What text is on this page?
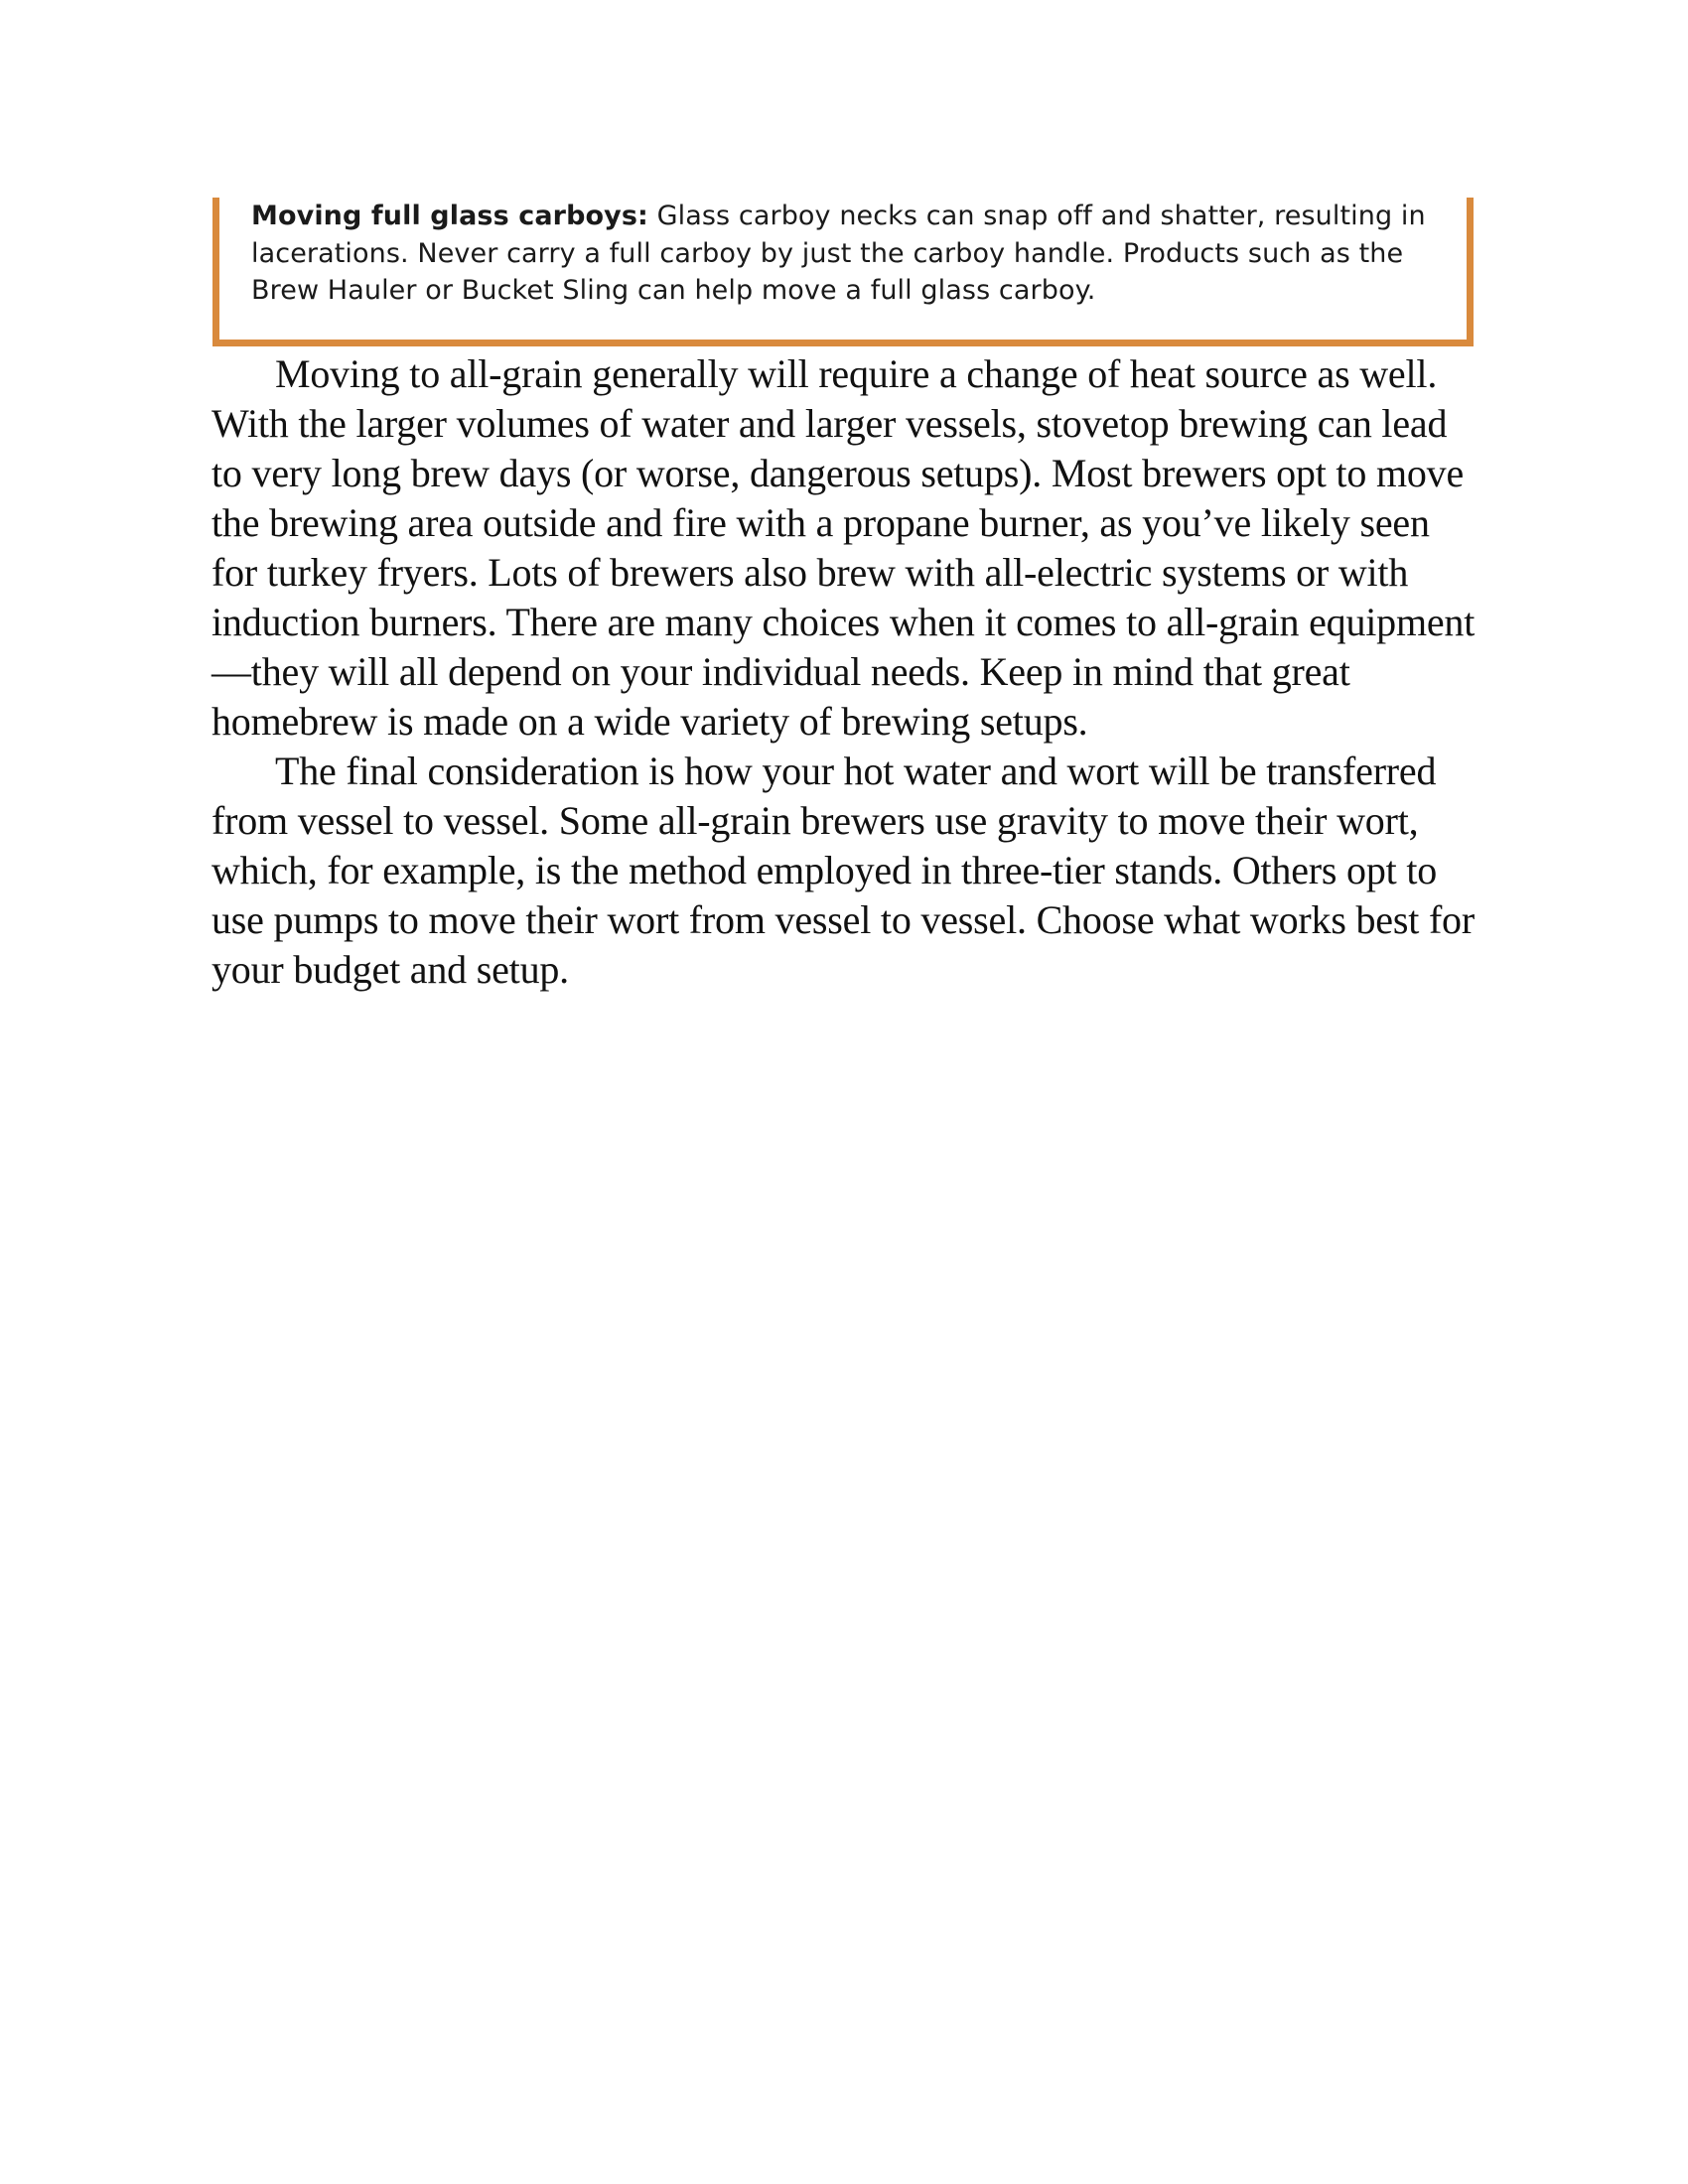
Moving full glass carboys: Glass carboy necks can snap off and shatter, resulting in lacerations. Never carry a full carboy by just the carboy handle. Products such as the Brew Hauler or Bucket Sling can help move a full glass carboy.

Moving to all-grain generally will require a change of heat source as well. With the larger volumes of water and larger vessels, stovetop brewing can lead to very long brew days (or worse, dangerous setups). Most brewers opt to move the brewing area outside and fire with a propane burner, as you’ve likely seen for turkey fryers. Lots of brewers also brew with all-electric systems or with induction burners. There are many choices when it comes to all-grain equipment—they will all depend on your individual needs. Keep in mind that great homebrew is made on a wide variety of brewing setups.

The final consideration is how your hot water and wort will be transferred from vessel to vessel. Some all-grain brewers use gravity to move their wort, which, for example, is the method employed in three-tier stands. Others opt to use pumps to move their wort from vessel to vessel. Choose what works best for your budget and setup.
